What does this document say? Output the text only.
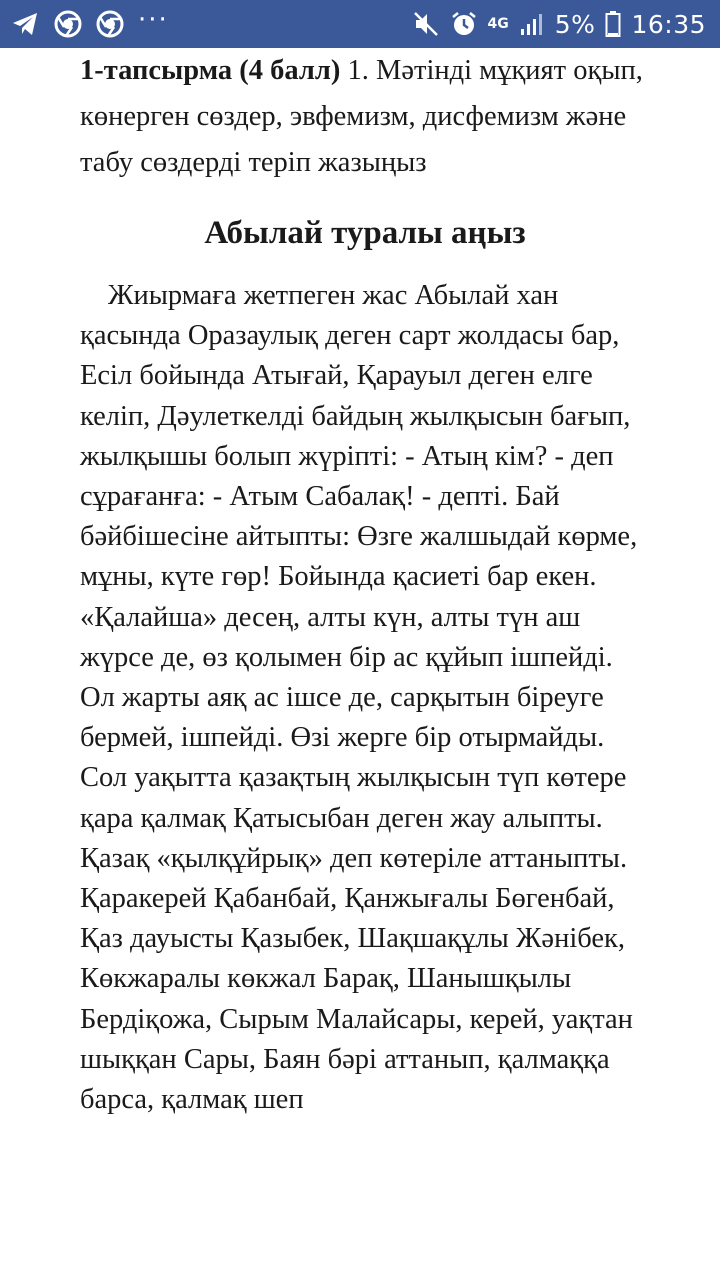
···	4G 5% 16:35

1-тапсырма (4 балл) 1. Мәтінді мұқият оқып, көнерген сөздер, эвфемизм, дисфемизм және табу сөздерді теріп жазыңыз

Абылай туралы аңыз

Жиырмаға жетпеген жас Абылай хан қасында Оразаулық деген сарт жолдасы бар, Есіл бойында Атығай, Қарауыл деген елге келіп, Дәулеткелді байдың жылқысын бағып, жылқышы болып жүріпті: - Атың кім? - деп сұрағанға: - Атым Сабалақ! - депті. Бай бәйбішесіне айтыпты: Өзге жалшыдай көрме, мұны, күте гөр! Бойында қасиеті бар екен. «Қалайша» десең, алты күн, алты түн аш жүрсе де, өз қолымен бір ас құйып ішпейді. Ол жарты аяқ ас ішсе де, сарқытын біреуге бермей, ішпейді. Өзі жерге бір отырмайды. Сол уақытта қазақтың жылқысын түп көтере қара қалмақ Қатысыбан деген жау алыпты. Қазақ «қылқұйрық» деп көтеріле аттаныпты. Қаракерей Қабанбай, Қанжығалы Бөгенбай, Қаз дауысты Қазыбек, Шақшақұлы Жәнібек, Көкжаралы көкжал Барақ, Шанышқылы Бердіқожа, Сырым Малайсары, керей, уақтан шыққан Сары, Баян бәрі аттанып, қалмаққа барса, қалмақ шеп
